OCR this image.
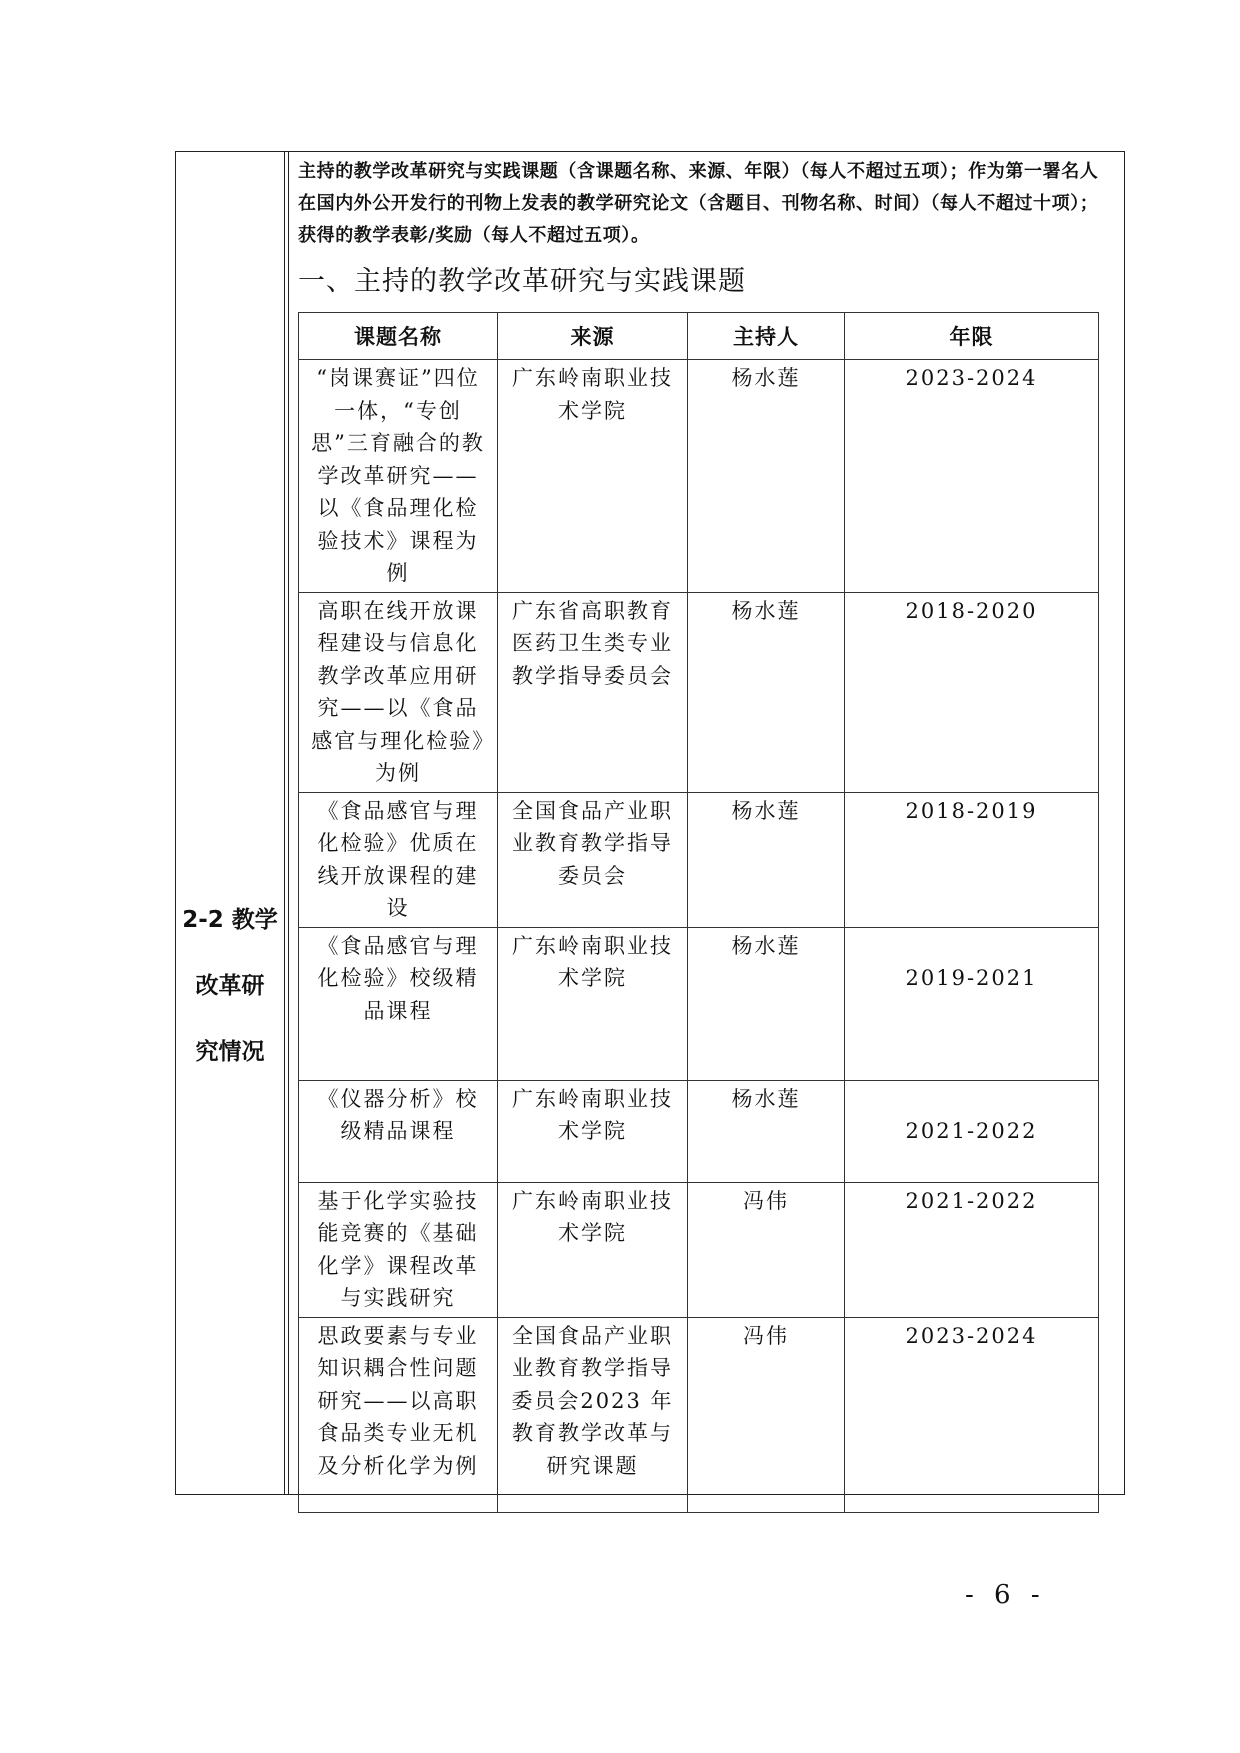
2-2 教学
改革研
究情况
主持的教学改革研究与实践课题（含课题名称、来源、年限）（每人不超过五项）；作为第一署名人在国内外公开发行的刊物上发表的教学研究论文（含题目、刊物名称、时间）（每人不超过十项）；获得的教学表彰/奖励（每人不超过五项）。
一、主持的教学改革研究与实践课题
课题名称	来源	主持人	年限
“岗课赛证”四位一体，“专创思”三育融合的教学改革研究——以《食品理化检验技术》课程为例	广东岭南职业技术学院	杨水莲	2023-2024
高职在线开放课程建设与信息化教学改革应用研究——以《食品感官与理化检验》为例	广东省高职教育医药卫生类专业教学指导委员会	杨水莲	2018-2020
《食品感官与理化检验》优质在线开放课程的建设	全国食品产业职业教育教学指导委员会	杨水莲	2018-2019
《食品感官与理化检验》校级精品课程	广东岭南职业技术学院	杨水莲	2019-2021

《仪器分析》校级精品课程	广东岭南职业技术学院	杨水莲	2021-2022

基于化学实验技能竞赛的《基础化学》课程改革与实践研究	广东岭南职业技术学院	冯伟	2021-2022
思政要素与专业知识耦合性问题研究——以高职食品类专业无机及分析化学为例	全国食品产业职业教育教学指导委员会2023 年教育教学改革与研究课题	冯伟	2023-2024
- 6 -
